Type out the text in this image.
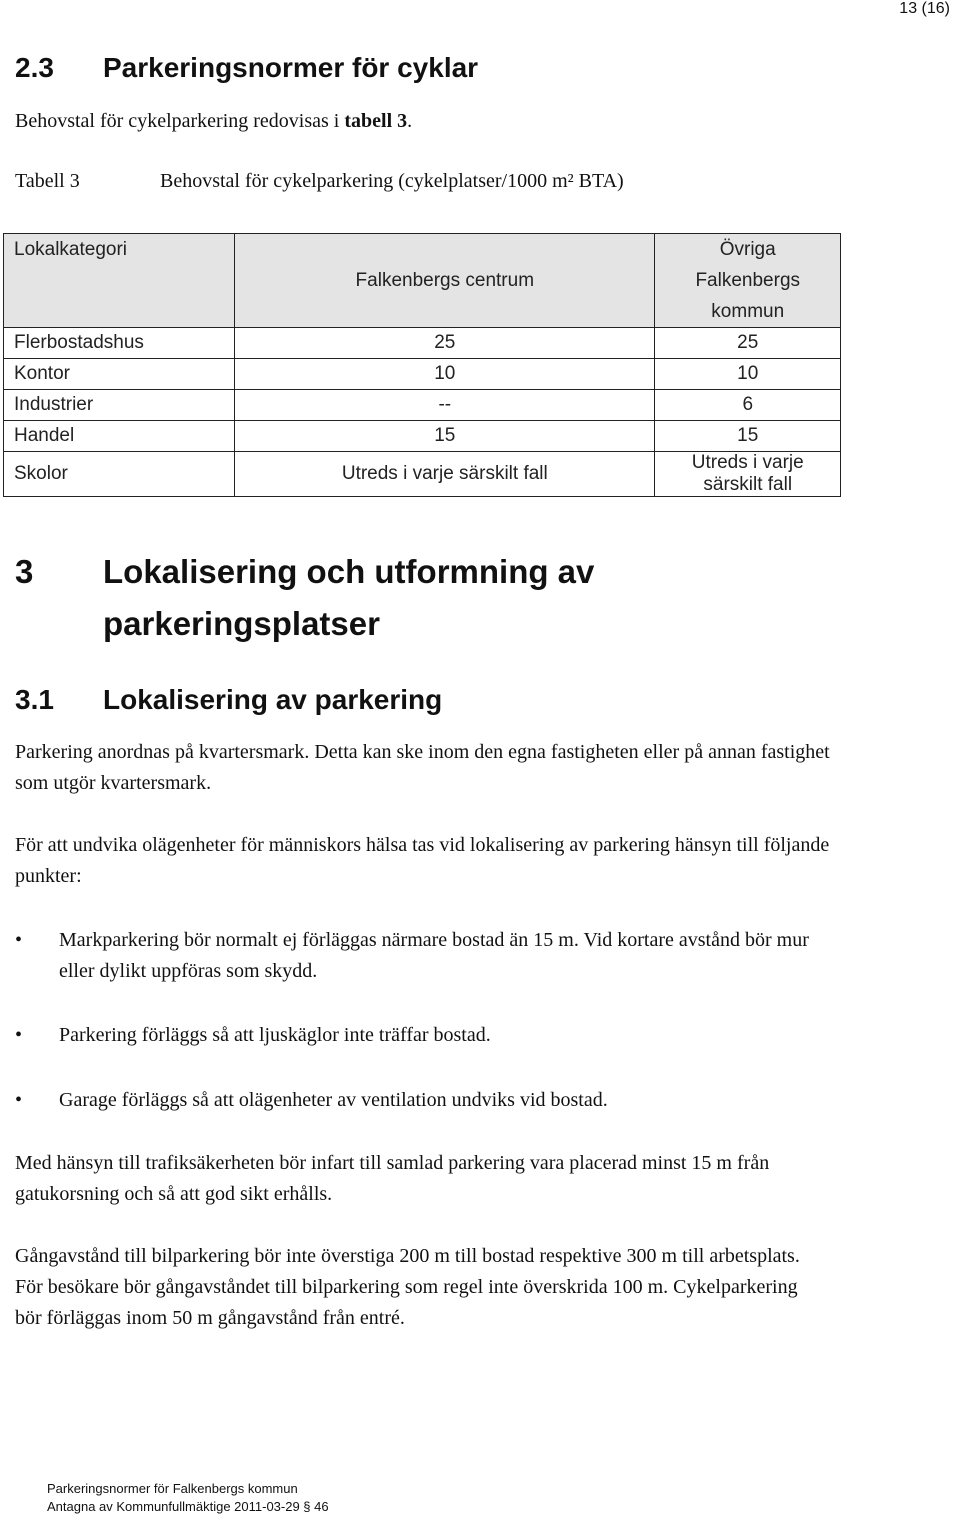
13 (16)
2.3 Parkeringsnormer för cyklar

Behovstal för cykelparkering redovisas i tabell 3.

Tabell 3	Behovstal för cykelparkering (cykelplatser/1000 m² BTA)
Lokalkategori	Falkenbergs centrum	Övriga Falkenbergs kommun
Flerbostadshus	25	25
Kontor	10	10
Industrier	--	6
Handel	15	15
Skolor	Utreds i varje särskilt fall	Utreds i varje särskilt fall
3 Lokalisering och utformning av parkeringsplatser
3.1 Lokalisering av parkering

Parkering anordnas på kvartersmark. Detta kan ske inom den egna fastigheten eller på annan fastighet som utgör kvartersmark.

För att undvika olägenheter för människors hälsa tas vid lokalisering av parkering hänsyn till följande punkter:

• Markparkering bör normalt ej förläggas närmare bostad än 15 m. Vid kortare avstånd bör mur eller dylikt uppföras som skydd.
• Parkering förläggs så att ljuskäglor inte träffar bostad.
• Garage förläggs så att olägenheter av ventilation undviks vid bostad.

Med hänsyn till trafiksäkerheten bör infart till samlad parkering vara placerad minst 15 m från gatukorsning och så att god sikt erhålls.

Gångavstånd till bilparkering bör inte överstiga 200 m till bostad respektive 300 m till arbetsplats. För besökare bör gångavståndet till bilparkering som regel inte överskrida 100 m. Cykelparkering bör förläggas inom 50 m gångavstånd från entré.

Parkeringsnormer för Falkenbergs kommun
Antagna av Kommunfullmäktige 2011-03-29 § 46
